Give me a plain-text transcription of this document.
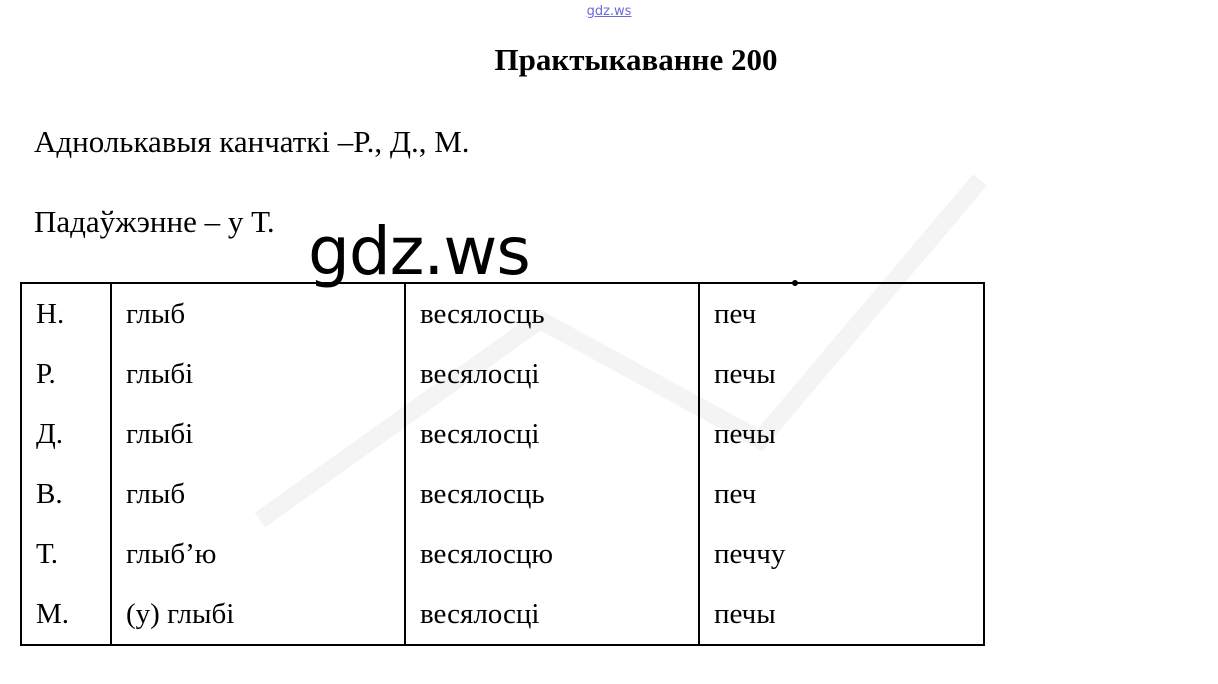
gdz.ws
Практыкаванне 200
Аднолькавыя канчаткі –Р., Д., М.
Падаўжэнне – у Т. gdz.ws
Н.	глыб	весялосць	печ
Р.	глыбі	весялосці	печы
Д.	глыбі	весялосці	печы
В.	глыб	весялосць	печ
Т.	глыб’ю	весялосцю	печчу
М.	(у) глыбі	весялосці	печы
